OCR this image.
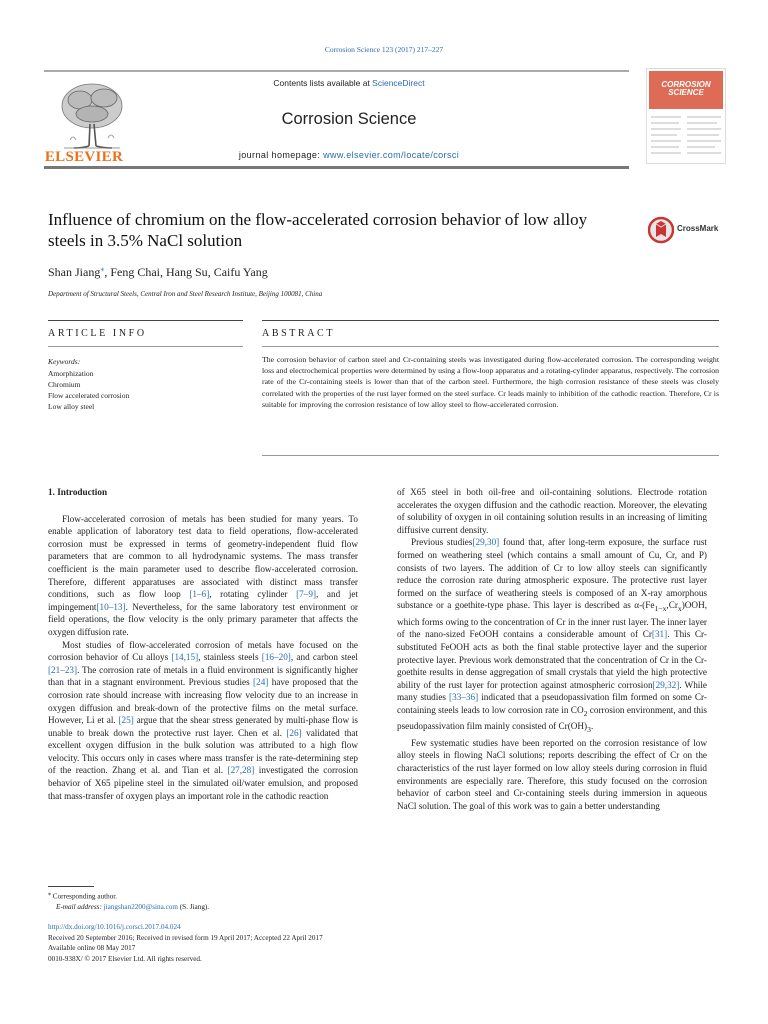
Corrosion Science 123 (2017) 217–227
ELSEVIER
Contents lists available at ScienceDirect
Corrosion Science
journal homepage: www.elsevier.com/locate/corsci
CORROSION
SCIENCE
Influence of chromium on the flow-accelerated corrosion behavior of low alloy steels in 3.5% NaCl solution
CrossMark
Shan Jiang⁎, Feng Chai, Hang Su, Caifu Yang
Department of Structural Steels, Central Iron and Steel Research Institute, Beijing 100081, China
ARTICLE INFO	ABSTRACT
Keywords:
Amorphization
Chromium
Flow accelerated corrosion
Low alloy steel
The corrosion behavior of carbon steel and Cr-containing steels was investigated during flow-accelerated corrosion. The corresponding weight loss and electrochemical properties were determined by using a flow-loop apparatus and a rotating-cylinder apparatus, respectively. The corrosion rate of the Cr-containing steels is lower than that of the carbon steel. Furthermore, the high corrosion resistance of these steels was closely correlated with the properties of the rust layer formed on the steel surface. Cr leads mainly to inhibition of the cathodic reaction. Therefore, Cr is suitable for improving the corrosion resistance of low alloy steel to flow-accelerated corrosion.
1. Introduction

Flow-accelerated corrosion of metals has been studied for many years. To enable application of laboratory test data to field operations, flow-accelerated corrosion must be expressed in terms of geometry-independent fluid flow parameters that are common to all hydrodynamic systems. The mass transfer coefficient is the main parameter used to describe flow-accelerated corrosion. Therefore, different apparatuses are associated with distinct mass transfer conditions, such as flow loop [1–6], rotating cylinder [7–9], and jet impingement[10–13]. Nevertheless, for the same laboratory test environment or field operations, the flow velocity is the only primary parameter that affects the oxygen diffusion rate.

Most studies of flow-accelerated corrosion of metals have focused on the corrosion behavior of Cu alloys [14,15], stainless steels [16–20], and carbon steel [21–23]. The corrosion rate of metals in a fluid environment is significantly higher than that in a stagnant environment. Previous studies [24] have proposed that the corrosion rate should increase with increasing flow velocity due to an increase in oxygen diffusion and break-down of the protective films on the metal surface. However, Li et al. [25] argue that the shear stress generated by multi-phase flow is unable to break down the protective rust layer. Chen et al. [26] validated that excellent oxygen diffusion in the bulk solution was attributed to a high flow velocity. This occurs only in cases where mass transfer is the rate-determining step of the reaction. Zhang et al. and Tian et al. [27,28] investigated the corrosion behavior of X65 pipeline steel in the simulated oil/water emulsion, and proposed that mass-transfer of oxygen plays an important role in the cathodic reaction

of X65 steel in both oil-free and oil-containing solutions. Electrode rotation accelerates the oxygen diffusion and the cathodic reaction. Moreover, the elevating of solubility of oxygen in oil containing solution results in an increasing of limiting diffusive current density.

Previous studies[29,30] found that, after long-term exposure, the surface rust formed on weathering steel (which contains a small amount of Cu, Cr, and P) consists of two layers. The addition of Cr to low alloy steels can significantly reduce the corrosion rate during atmospheric exposure. The protective rust layer formed on the surface of weathering steels is composed of an X-ray amorphous substance or a goethite-type phase. This layer is described as $\alpha-(Fe_{1-x},Cr_x)OOH$, which forms owing to the concentration of Cr in the inner rust layer. The inner layer of the nano-sized FeOOH contains a considerable amount of Cr[31]. This Cr-substituted FeOOH acts as both the final stable protective layer and the superior protective layer. Previous work demonstrated that the concentration of Cr in the Cr-goethite results in dense aggregation of small crystals that yield the high protective ability of the rust layer for protection against atmospheric corrosion[29,32]. While many studies [33–36] indicated that a pseudopassivation film formed on some Cr-containing steels leads to low corrosion rate in $CO_2$ corrosion environment, and this pseudopassivation film mainly consisted of $Cr(OH)_3$.

Few systematic studies have been reported on the corrosion resistance of low alloy steels in flowing NaCl solutions; reports describing the effect of Cr on the characteristics of the rust layer formed on low alloy steels during corrosion in fluid environments are especially rare. Therefore, this study focused on the corrosion behavior of carbon steel and Cr-containing steels during immersion in aqueous NaCl solution. The goal of this work was to gain a better understanding

⁎ Corresponding author.
E-mail address: jiangshan2200@sina.com (S. Jiang).
http://dx.doi.org/10.1016/j.corsci.2017.04.024
Received 20 September 2016; Received in revised form 19 April 2017; Accepted 22 April 2017
Available online 08 May 2017
0010-938X/ © 2017 Elsevier Ltd. All rights reserved.
